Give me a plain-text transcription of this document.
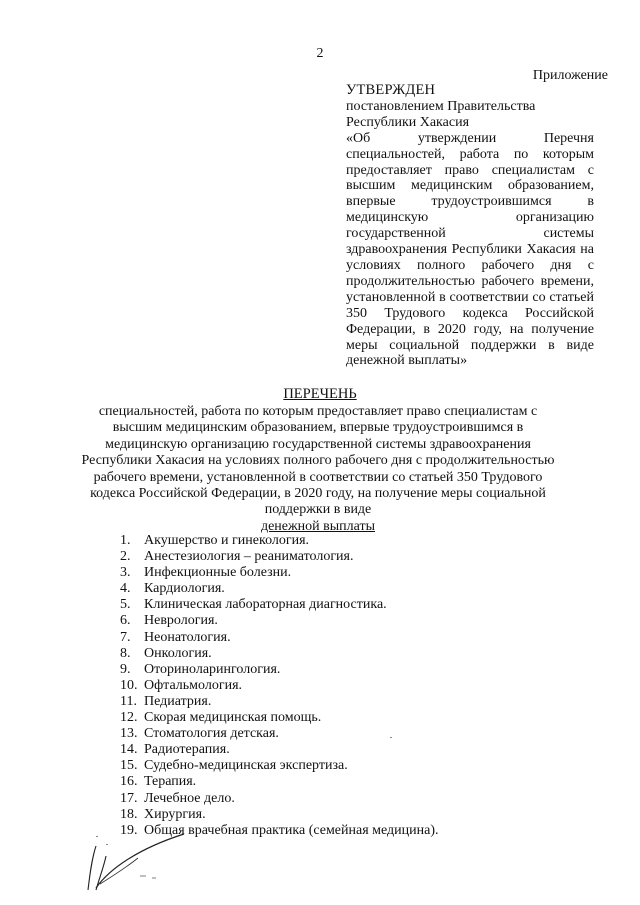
2
Приложение
УТВЕРЖДЕН
постановлением Правительства
Республики Хакасия
«Об утверждении Перечня специальностей, работа по которым предоставляет право специалистам с высшим медицинским образованием, впервые трудоустроившимся в медицинскую организацию государственной системы здравоохранения Республики Хакасия на условиях полного рабочего дня с продолжительностью рабочего времени, установленной в соответствии со статьей 350 Трудового кодекса Российской Федерации, в 2020 году, на получение меры социальной поддержки в виде денежной выплаты»
ПЕРЕЧЕНЬ
специальностей, работа по которым предоставляет право специалистам с высшим медицинским образованием, впервые трудоустроившимся в медицинскую организацию государственной системы здравоохранения Республики Хакасия на условиях полного рабочего дня с продолжительностью рабочего времени, установленной в соответствии со статьей 350 Трудового кодекса Российской Федерации, в 2020 году, на получение меры социальной поддержки в виде
денежной выплаты
1. Акушерство и гинекология.
2. Анестезиология – реаниматология.
3. Инфекционные болезни.
4. Кардиология.
5. Клиническая лабораторная диагностика.
6. Неврология.
7. Неонатология.
8. Онкология.
9. Оториноларингология.
10. Офтальмология.
11. Педиатрия.
12. Скорая медицинская помощь.
13. Стоматология детская.
14. Радиотерапия.
15. Судебно-медицинская экспертиза.
16. Терапия.
17. Лечебное дело.
18. Хирургия.
19. Общая врачебная практика (семейная медицина).
